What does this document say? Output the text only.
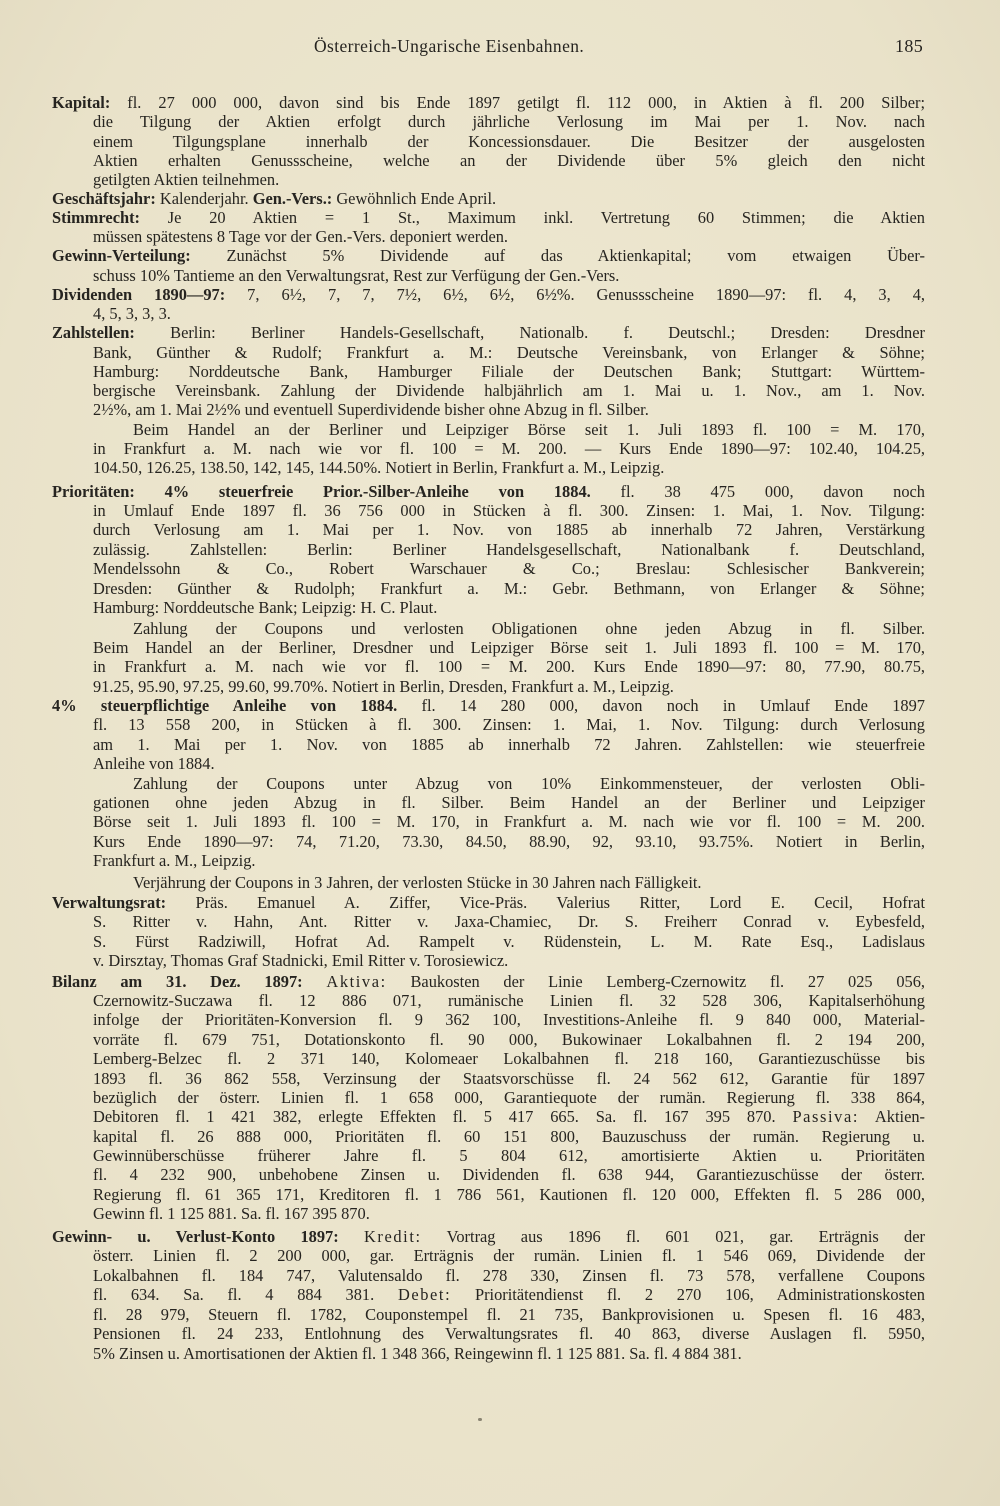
Österreich-Ungarische Eisenbahnen.	185
Kapital: fl. 27 000 000, davon sind bis Ende 1897 getilgt fl. 112 000, in Aktien à fl. 200 Silber;
die Tilgung der Aktien erfolgt durch jährliche Verlosung im Mai per 1. Nov. nach
einem Tilgungsplane innerhalb der Koncessionsdauer. Die Besitzer der ausgelosten
Aktien erhalten Genussscheine, welche an der Dividende über 5% gleich den nicht
getilgten Aktien teilnehmen.
Geschäftsjahr: Kalenderjahr. Gen.-Vers.: Gewöhnlich Ende April.
Stimmrecht: Je 20 Aktien = 1 St., Maximum inkl. Vertretung 60 Stimmen; die Aktien
müssen spätestens 8 Tage vor der Gen.-Vers. deponiert werden.
Gewinn-Verteilung: Zunächst 5% Dividende auf das Aktienkapital; vom etwaigen Über-
schuss 10% Tantieme an den Verwaltungsrat, Rest zur Verfügung der Gen.-Vers.
Dividenden 1890—97: 7, 6½, 7, 7, 7½, 6½, 6½, 6½%. Genussscheine 1890—97: fl. 4, 3, 4,
4, 5, 3, 3, 3.
Zahlstellen: Berlin: Berliner Handels-Gesellschaft, Nationalb. f. Deutschl.; Dresden: Dresdner
Bank, Günther & Rudolf; Frankfurt a. M.: Deutsche Vereinsbank, von Erlanger & Söhne;
Hamburg: Norddeutsche Bank, Hamburger Filiale der Deutschen Bank; Stuttgart: Württem-
bergische Vereinsbank. Zahlung der Dividende halbjährlich am 1. Mai u. 1. Nov., am 1. Nov.
2½%, am 1. Mai 2½% und eventuell Superdividende bisher ohne Abzug in fl. Silber.
Beim Handel an der Berliner und Leipziger Börse seit 1. Juli 1893 fl. 100 = M. 170,
in Frankfurt a. M. nach wie vor fl. 100 = M. 200. — Kurs Ende 1890—97: 102.40, 104.25,
104.50, 126.25, 138.50, 142, 145, 144.50%. Notiert in Berlin, Frankfurt a. M., Leipzig.
Prioritäten: 4% steuerfreie Prior.-Silber-Anleihe von 1884. fl. 38 475 000, davon noch
in Umlauf Ende 1897 fl. 36 756 000 in Stücken à fl. 300. Zinsen: 1. Mai, 1. Nov. Tilgung:
durch Verlosung am 1. Mai per 1. Nov. von 1885 ab innerhalb 72 Jahren, Verstärkung
zulässig. Zahlstellen: Berlin: Berliner Handelsgesellschaft, Nationalbank f. Deutschland,
Mendelssohn & Co., Robert Warschauer & Co.; Breslau: Schlesischer Bankverein;
Dresden: Günther & Rudolph; Frankfurt a. M.: Gebr. Bethmann, von Erlanger & Söhne;
Hamburg: Norddeutsche Bank; Leipzig: H. C. Plaut.
Zahlung der Coupons und verlosten Obligationen ohne jeden Abzug in fl. Silber.
Beim Handel an der Berliner, Dresdner und Leipziger Börse seit 1. Juli 1893 fl. 100 = M. 170,
in Frankfurt a. M. nach wie vor fl. 100 = M. 200. Kurs Ende 1890—97: 80, 77.90, 80.75,
91.25, 95.90, 97.25, 99.60, 99.70%. Notiert in Berlin, Dresden, Frankfurt a. M., Leipzig.
4% steuerpflichtige Anleihe von 1884. fl. 14 280 000, davon noch in Umlauf Ende 1897
fl. 13 558 200, in Stücken à fl. 300. Zinsen: 1. Mai, 1. Nov. Tilgung: durch Verlosung
am 1. Mai per 1. Nov. von 1885 ab innerhalb 72 Jahren. Zahlstellen: wie steuerfreie
Anleihe von 1884.
Zahlung der Coupons unter Abzug von 10% Einkommensteuer, der verlosten Obli-
gationen ohne jeden Abzug in fl. Silber. Beim Handel an der Berliner und Leipziger
Börse seit 1. Juli 1893 fl. 100 = M. 170, in Frankfurt a. M. nach wie vor fl. 100 = M. 200.
Kurs Ende 1890—97: 74, 71.20, 73.30, 84.50, 88.90, 92, 93.10, 93.75%. Notiert in Berlin,
Frankfurt a. M., Leipzig.
Verjährung der Coupons in 3 Jahren, der verlosten Stücke in 30 Jahren nach Fälligkeit.
Verwaltungsrat: Präs. Emanuel A. Ziffer, Vice-Präs. Valerius Ritter, Lord E. Cecil, Hofrat
S. Ritter v. Hahn, Ant. Ritter v. Jaxa-Chamiec, Dr. S. Freiherr Conrad v. Eybesfeld,
S. Fürst Radziwill, Hofrat Ad. Rampelt v. Rüdenstein, L. M. Rate Esq., Ladislaus
v. Dirsztay, Thomas Graf Stadnicki, Emil Ritter v. Torosiewicz.
Bilanz am 31. Dez. 1897: Aktiva: Baukosten der Linie Lemberg-Czernowitz fl. 27 025 056,
Czernowitz-Suczawa fl. 12 886 071, rumänische Linien fl. 32 528 306, Kapitalserhöhung
infolge der Prioritäten-Konversion fl. 9 362 100, Investitions-Anleihe fl. 9 840 000, Material-
vorräte fl. 679 751, Dotationskonto fl. 90 000, Bukowinaer Lokalbahnen fl. 2 194 200,
Lemberg-Belzec fl. 2 371 140, Kolomeaer Lokalbahnen fl. 218 160, Garantiezuschüsse bis
1893 fl. 36 862 558, Verzinsung der Staatsvorschüsse fl. 24 562 612, Garantie für 1897
bezüglich der österr. Linien fl. 1 658 000, Garantiequote der rumän. Regierung fl. 338 864,
Debitoren fl. 1 421 382, erlegte Effekten fl. 5 417 665. Sa. fl. 167 395 870. Passiva: Aktien-
kapital fl. 26 888 000, Prioritäten fl. 60 151 800, Bauzuschuss der rumän. Regierung u.
Gewinnüberschüsse früherer Jahre fl. 5 804 612, amortisierte Aktien u. Prioritäten
fl. 4 232 900, unbehobene Zinsen u. Dividenden fl. 638 944, Garantiezuschüsse der österr.
Regierung fl. 61 365 171, Kreditoren fl. 1 786 561, Kautionen fl. 120 000, Effekten fl. 5 286 000,
Gewinn fl. 1 125 881. Sa. fl. 167 395 870.
Gewinn- u. Verlust-Konto 1897: Kredit: Vortrag aus 1896 fl. 601 021, gar. Erträgnis der
österr. Linien fl. 2 200 000, gar. Erträgnis der rumän. Linien fl. 1 546 069, Dividende der
Lokalbahnen fl. 184 747, Valutensaldo fl. 278 330, Zinsen fl. 73 578, verfallene Coupons
fl. 634. Sa. fl. 4 884 381. Debet: Prioritätendienst fl. 2 270 106, Administrationskosten
fl. 28 979, Steuern fl. 1782, Couponstempel fl. 21 735, Bankprovisionen u. Spesen fl. 16 483,
Pensionen fl. 24 233, Entlohnung des Verwaltungsrates fl. 40 863, diverse Auslagen fl. 5950,
5% Zinsen u. Amortisationen der Aktien fl. 1 348 366, Reingewinn fl. 1 125 881. Sa. fl. 4 884 381.
